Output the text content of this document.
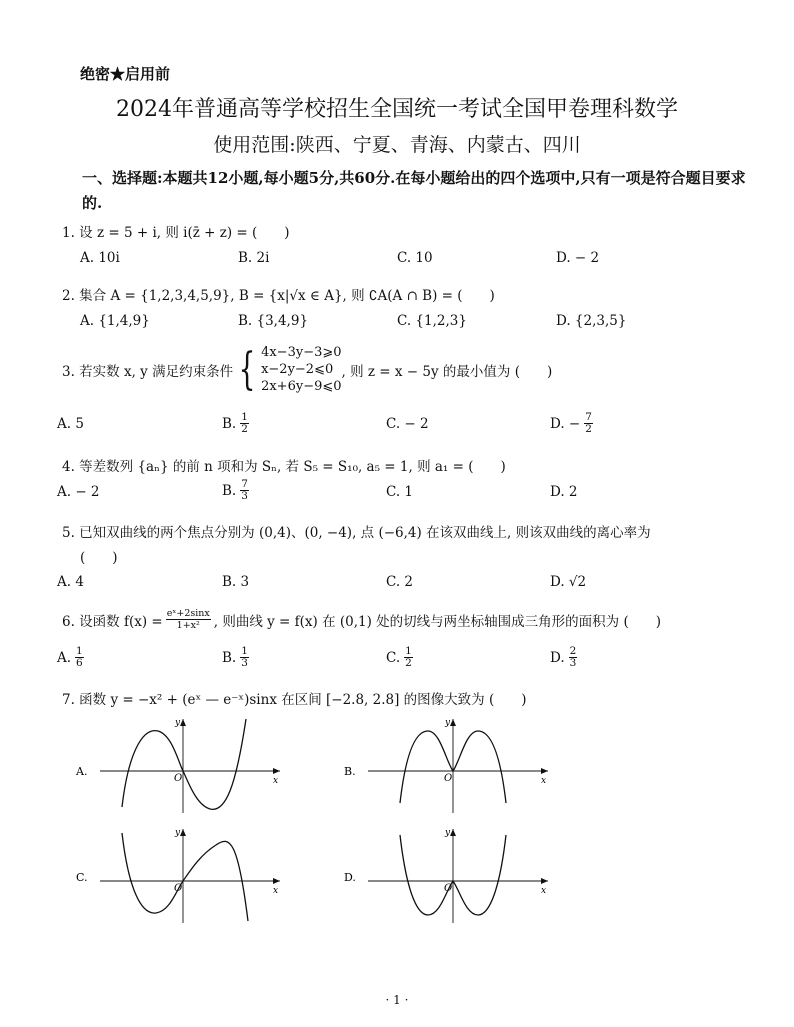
绝密★启用前
2024年普通高等学校招生全国统一考试全国甲卷理科数学
使用范围:陕西、宁夏、青海、内蒙古、四川
一、选择题:本题共12小题,每小题5分,共60分.在每小题给出的四个选项中,只有一项是符合题目要求的.
1. 设 z = 5 + i, 则 i(z̄ + z) = (　　)
A. 10i	B. 2i	C. 10	D. − 2
2. 集合 A = {1,2,3,4,5,9}, B = {x|√x ∈ A}, 则 ∁A(A ∩ B) = (　　)
A. {1,4,9}	B. {3,4,9}	C. {1,2,3}	D. {2,3,5}
3. 若实数 x, y 满足约束条件 { 4x−3y−3⩾0
x−2y−2⩽0
2x+6y−9⩽0
, 则 z = x − 5y 的最小值为 (　　)
A. 5	B. $\frac{1}{2}$	C. − 2	D. − $\frac{7}{2}$
4. 等差数列 {aₙ} 的前 n 项和为 Sₙ, 若 S₅ = S₁₀, a₅ = 1, 则 a₁ = (　　)
A. − 2	B. $\frac{7}{3}$	C. 1	D. 2
5. 已知双曲线的两个焦点分别为 (0,4)、(0, −4), 点 (−6,4) 在该双曲线上, 则该双曲线的离心率为
(　　)
A. 4	B. 3	C. 2	D. √2
6. 设函数 $f(x) = \frac{\text{eˣ+2sinx}}{\text{1+x²}}$ , 则曲线 y = f(x) 在 (0,1) 处的切线与两坐标轴围成三角形的面积为 (　　)
A. $\frac{1}{6}$	B. $\frac{1}{3}$	C. $\frac{1}{2}$	D. $\frac{2}{3}$
7. 函数 y = −x² + (eˣ — e⁻ˣ)sinx 在区间 [−2.8, 2.8] 的图像大致为 (　　)
A.
x
y
O
B.
x
y
O
C.
x
y
O
D.
x
y
O
· 1 ·
